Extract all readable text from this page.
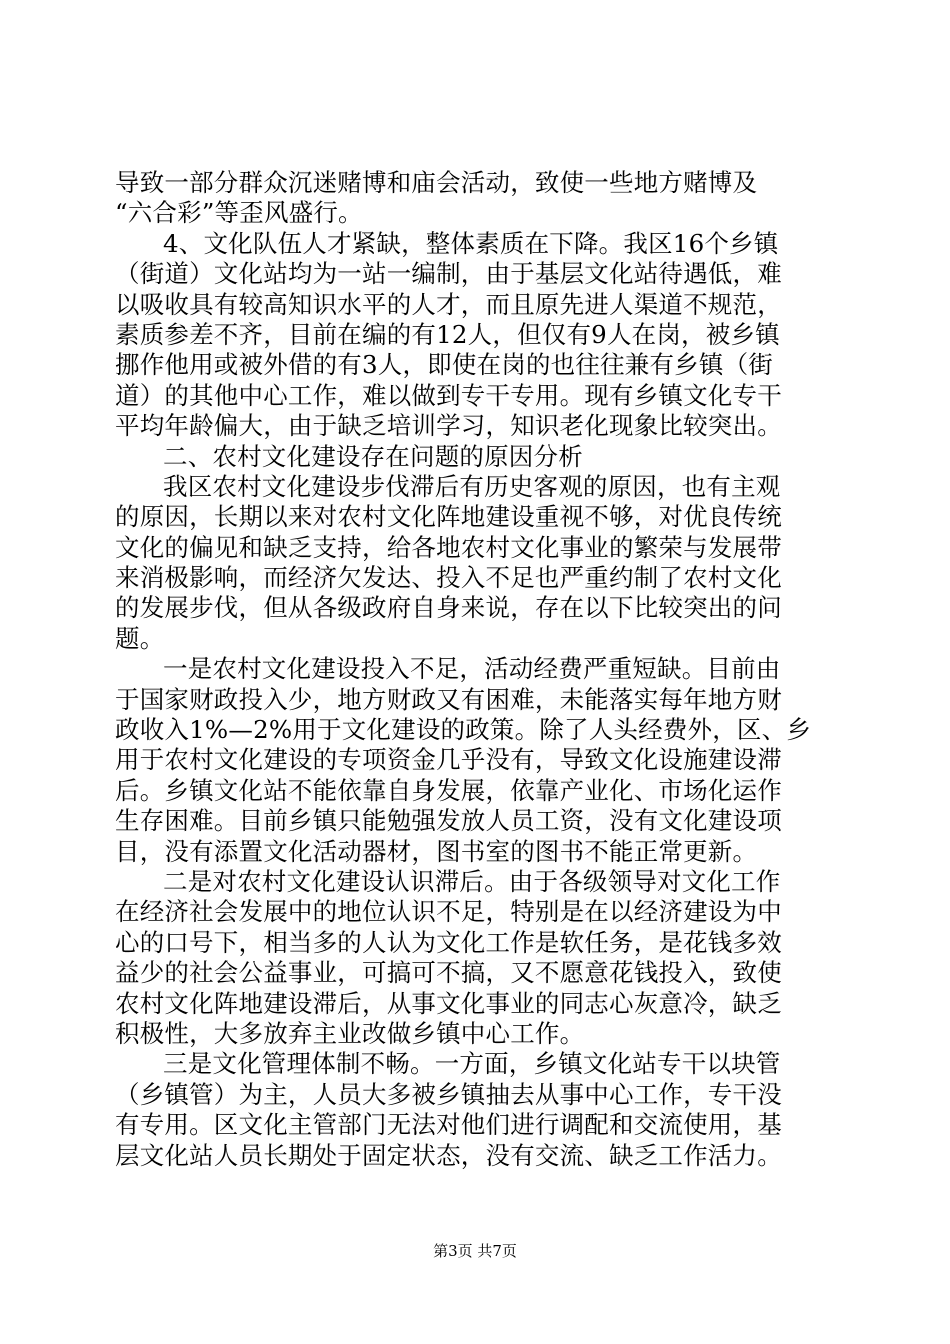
导致一部分群众沉迷赌博和庙会活动，致使一些地方赌博及
“六合彩”等歪风盛行。
4、文化队伍人才紧缺，整体素质在下降。我区16个乡镇
（街道）文化站均为一站一编制，由于基层文化站待遇低，难
以吸收具有较高知识水平的人才，而且原先进人渠道不规范，
素质参差不齐，目前在编的有12人，但仅有9人在岗，被乡镇
挪作他用或被外借的有3人，即使在岗的也往往兼有乡镇（街
道）的其他中心工作，难以做到专干专用。现有乡镇文化专干
平均年龄偏大，由于缺乏培训学习，知识老化现象比较突出。
二、农村文化建设存在问题的原因分析
我区农村文化建设步伐滞后有历史客观的原因，也有主观
的原因，长期以来对农村文化阵地建设重视不够，对优良传统
文化的偏见和缺乏支持，给各地农村文化事业的繁荣与发展带
来消极影响，而经济欠发达、投入不足也严重约制了农村文化
的发展步伐，但从各级政府自身来说，存在以下比较突出的问
题。
一是农村文化建设投入不足，活动经费严重短缺。目前由
于国家财政投入少，地方财政又有困难，未能落实每年地方财
政收入1%—2%用于文化建设的政策。除了人头经费外，区、乡
用于农村文化建设的专项资金几乎没有，导致文化设施建设滞
后。乡镇文化站不能依靠自身发展，依靠产业化、市场化运作
生存困难。目前乡镇只能勉强发放人员工资，没有文化建设项
目，没有添置文化活动器材，图书室的图书不能正常更新。
二是对农村文化建设认识滞后。由于各级领导对文化工作
在经济社会发展中的地位认识不足，特别是在以经济建设为中
心的口号下，相当多的人认为文化工作是软任务，是花钱多效
益少的社会公益事业，可搞可不搞，又不愿意花钱投入，致使
农村文化阵地建设滞后，从事文化事业的同志心灰意冷，缺乏
积极性，大多放弃主业改做乡镇中心工作。
三是文化管理体制不畅。一方面，乡镇文化站专干以块管
（乡镇管）为主，人员大多被乡镇抽去从事中心工作，专干没
有专用。区文化主管部门无法对他们进行调配和交流使用，基
层文化站人员长期处于固定状态，没有交流、缺乏工作活力。
第3页 共7页
